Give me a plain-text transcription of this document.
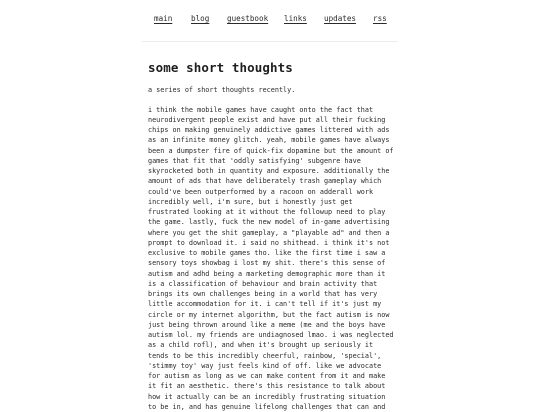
main blog guestbook links updates rss
some short thoughts

a series of short thoughts recently.

i think the mobile games have caught onto the fact that
neurodivergent people exist and have put all their fucking
chips on making genuinely addictive games littered with ads
as an infinite money glitch. yeah, mobile games have always
been a dumpster fire of quick-fix dopamine but the amount of
games that fit that 'oddly satisfying' subgenre have
skyrocketed both in quantity and exposure. additionally the
amount of ads that have deliberately trash gameplay which
could've been outperformed by a racoon on adderall work
incredibly well, i'm sure, but i honestly just get
frustrated looking at it without the followup need to play
the game. lastly, fuck the new model of in-game advertising
where you get the shit gameplay, a "playable ad" and then a
prompt to download it. i said no shithead. i think it's not
exclusive to mobile games tho. like the first time i saw a
sensory toys showbag i lost my shit. there's this sense of
autism and adhd being a marketing demographic more than it
is a classification of behaviour and brain activity that
brings its own challenges being in a world that has very
little accommodation for it. i can't tell if it's just my
circle or my internet algorithm, but the fact autism is now
just being thrown around like a meme (me and the boys have
autism lol. my friends are undiagnosed lmao. i was neglected
as a child rofl), and when it's brought up seriously it
tends to be this incredibly cheerful, rainbow, 'special',
'stimmy toy' way just feels kind of off. like we advocate
for autism as long as we can make content from it and make
it fit an aesthetic. there's this resistance to talk about
how it actually can be an incredibly frustrating situation
to be in, and has genuine lifelong challenges that can and
